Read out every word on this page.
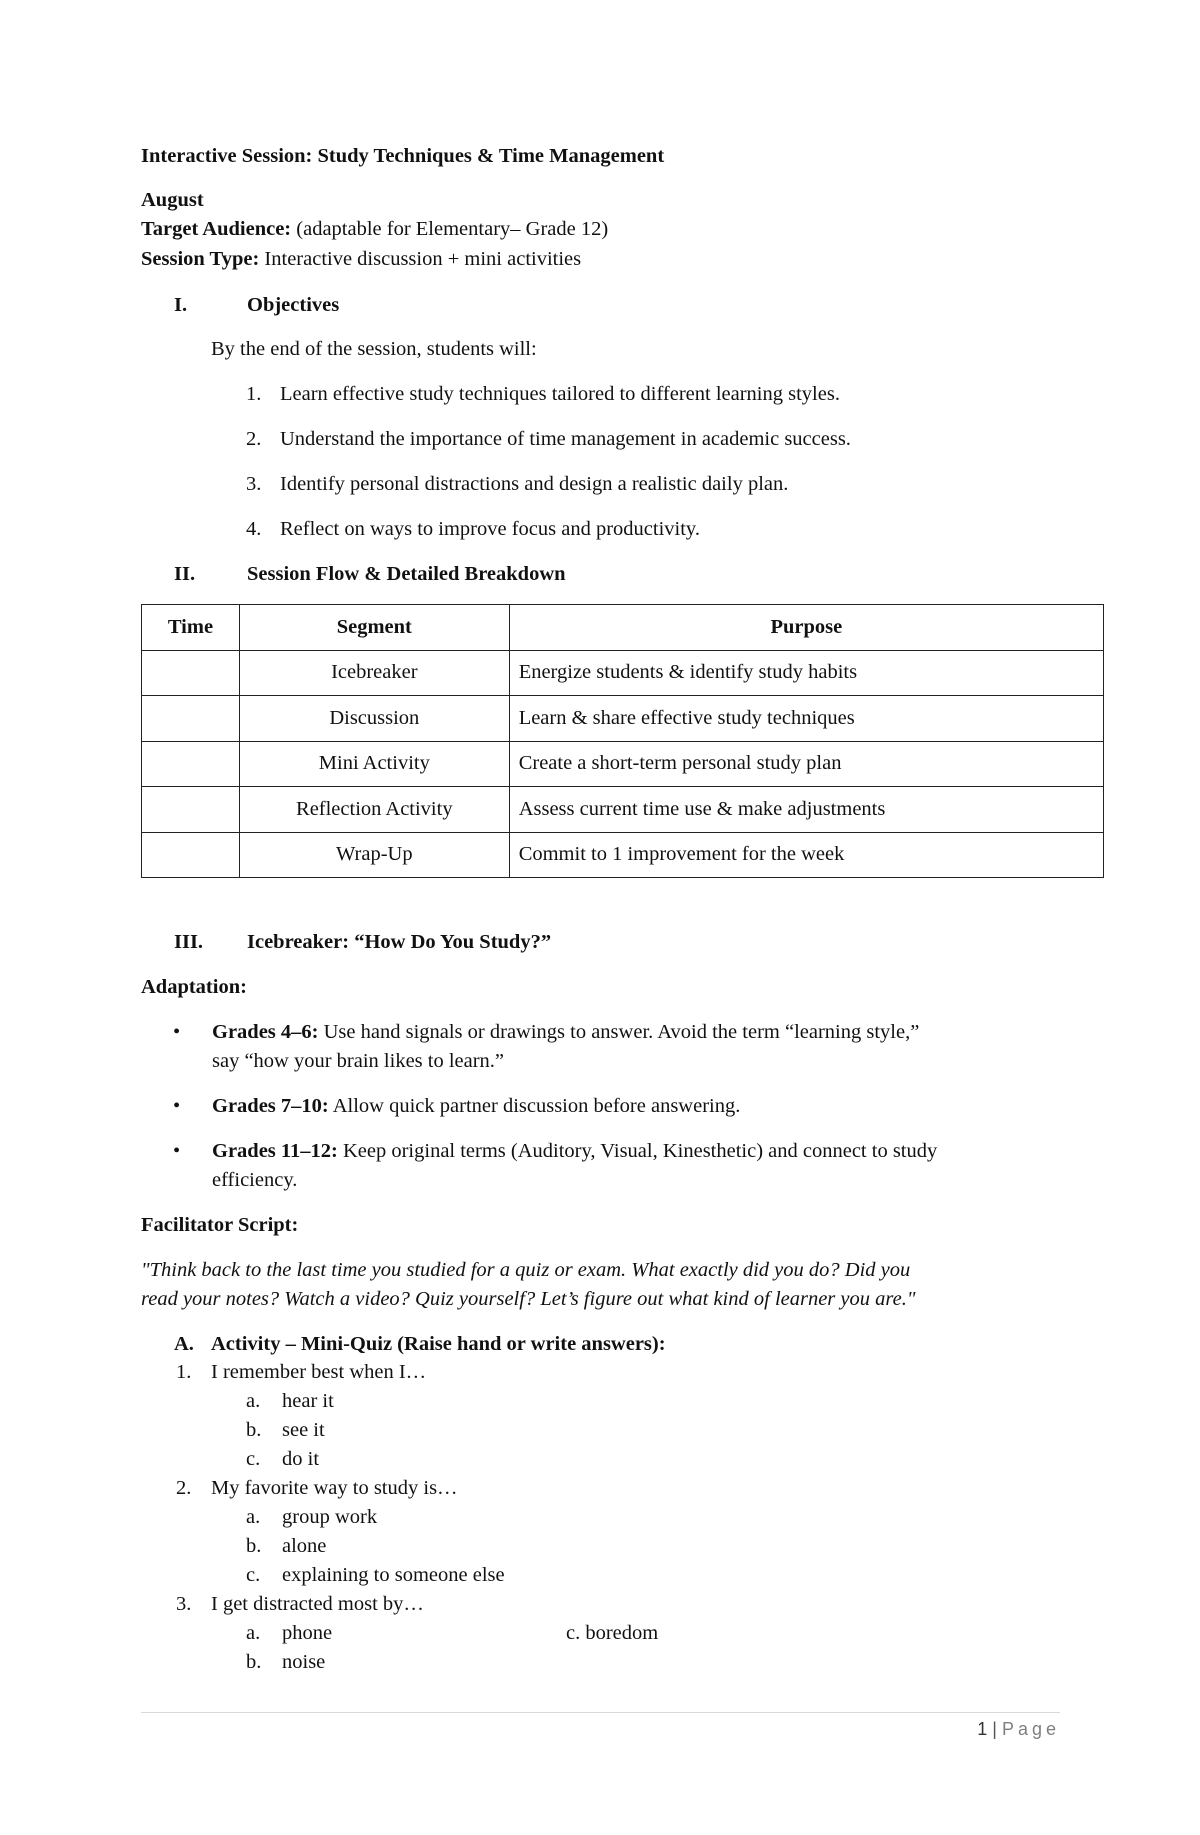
Interactive Session: Study Techniques & Time Management
August
Target Audience: (adaptable for Elementary– Grade 12)
Session Type: Interactive discussion + mini activities
I.	Objectives
By the end of the session, students will:
1. Learn effective study techniques tailored to different learning styles.
2. Understand the importance of time management in academic success.
3. Identify personal distractions and design a realistic daily plan.
4. Reflect on ways to improve focus and productivity.
II.	Session Flow & Detailed Breakdown
Time	Segment	Purpose
	Icebreaker	Energize students & identify study habits
	Discussion	Learn & share effective study techniques
	Mini Activity	Create a short-term personal study plan
	Reflection Activity	Assess current time use & make adjustments
	Wrap-Up	Commit to 1 improvement for the week
III. Icebreaker: “How Do You Study?”
Adaptation:
• Grades 4–6: Use hand signals or drawings to answer. Avoid the term “learning style,”
say “how your brain likes to learn.”
• Grades 7–10: Allow quick partner discussion before answering.
• Grades 11–12: Keep original terms (Auditory, Visual, Kinesthetic) and connect to study
efficiency.
Facilitator Script:
"Think back to the last time you studied for a quiz or exam. What exactly did you do? Did you
read your notes? Watch a video? Quiz yourself? Let’s figure out what kind of learner you are."
A. Activity – Mini-Quiz (Raise hand or write answers):
1. I remember best when I…
a. hear it
b. see it
c. do it
2. My favorite way to study is…
a. group work
b. alone
c. explaining to someone else
3. I get distracted most by…
a. phone	c. boredom
b. noise
1 | Page
